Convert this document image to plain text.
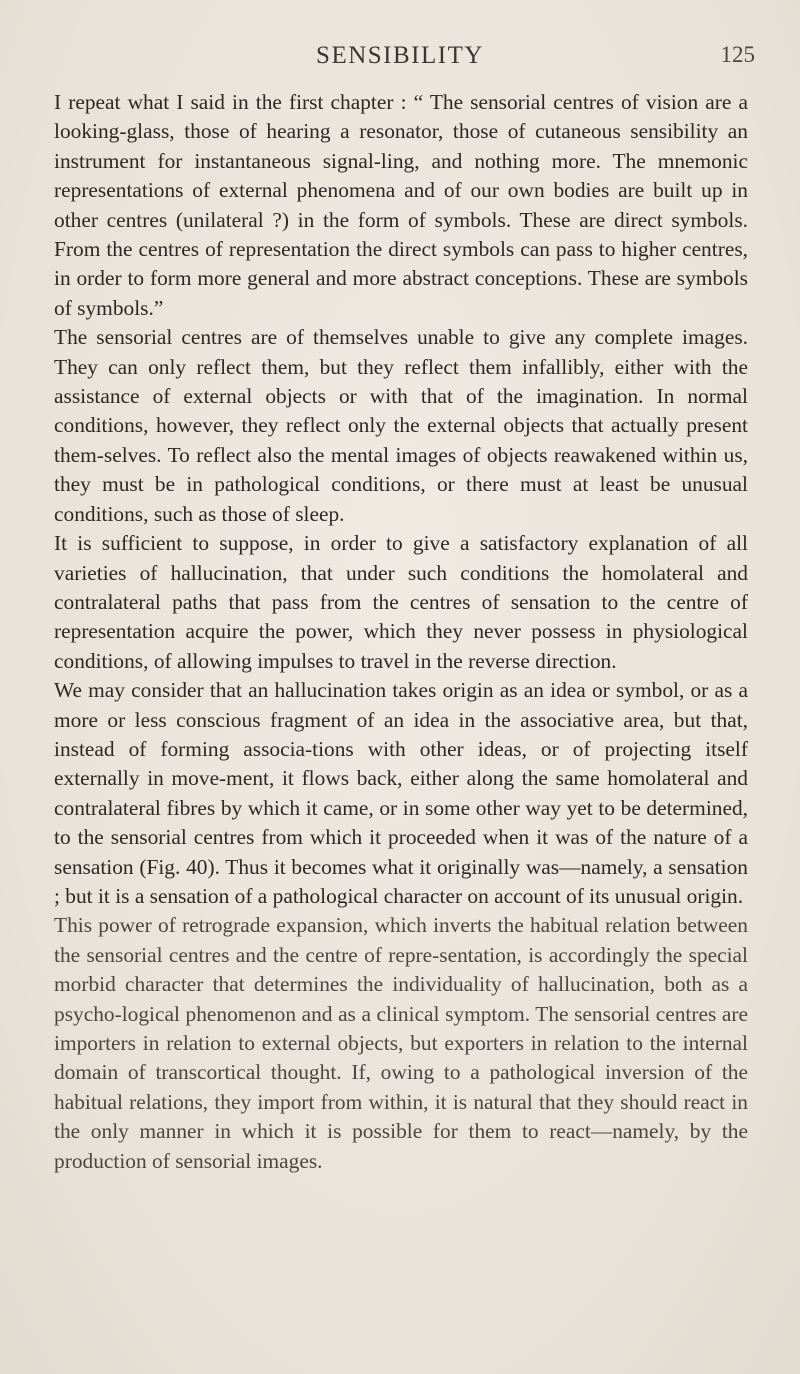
SENSIBILITY	125

I repeat what I said in the first chapter : “ The sensorial centres of vision are a looking-glass, those of hearing a resonator, those of cutaneous sensibility an instrument for instantaneous signal-ling, and nothing more. The mnemonic representations of external phenomena and of our own bodies are built up in other centres (unilateral ?) in the form of symbols. These are direct symbols. From the centres of representation the direct symbols can pass to higher centres, in order to form more general and more abstract conceptions. These are symbols of symbols.”

The sensorial centres are of themselves unable to give any complete images. They can only reflect them, but they reflect them infallibly, either with the assistance of external objects or with that of the imagination. In normal conditions, however, they reflect only the external objects that actually present them-selves. To reflect also the mental images of objects reawakened within us, they must be in pathological conditions, or there must at least be unusual conditions, such as those of sleep.

It is sufficient to suppose, in order to give a satisfactory explanation of all varieties of hallucination, that under such conditions the homolateral and contralateral paths that pass from the centres of sensation to the centre of representation acquire the power, which they never possess in physiological conditions, of allowing impulses to travel in the reverse direction.

We may consider that an hallucination takes origin as an idea or symbol, or as a more or less conscious fragment of an idea in the associative area, but that, instead of forming associa-tions with other ideas, or of projecting itself externally in move-ment, it flows back, either along the same homolateral and contralateral fibres by which it came, or in some other way yet to be determined, to the sensorial centres from which it proceeded when it was of the nature of a sensation (Fig. 40). Thus it becomes what it originally was—namely, a sensation ; but it is a sensation of a pathological character on account of its unusual origin.

This power of retrograde expansion, which inverts the habitual relation between the sensorial centres and the centre of repre-sentation, is accordingly the special morbid character that determines the individuality of hallucination, both as a psycho-logical phenomenon and as a clinical symptom. The sensorial centres are importers in relation to external objects, but exporters in relation to the internal domain of transcortical thought. If, owing to a pathological inversion of the habitual relations, they import from within, it is natural that they should react in the only manner in which it is possible for them to react—namely, by the production of sensorial images.
